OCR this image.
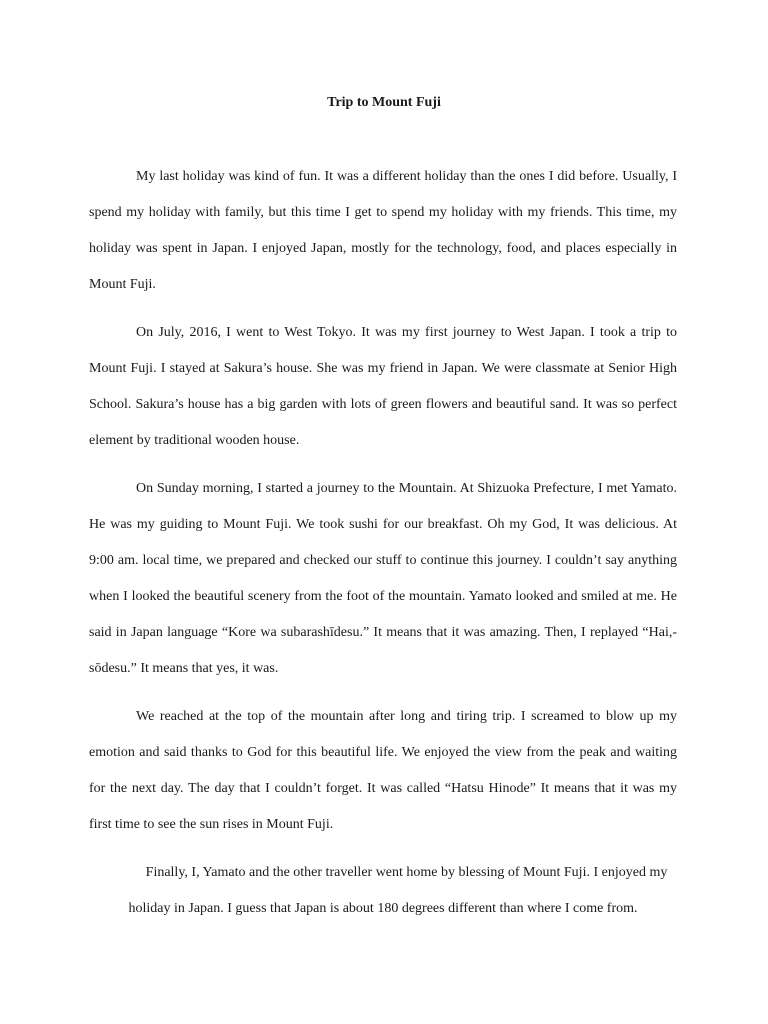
Trip to Mount Fuji

My last holiday was kind of fun. It was a different holiday than the ones I did before. Usually, I spend my holiday with family, but this time I get to spend my holiday with my friends. This time, my holiday was spent in Japan. I enjoyed Japan, mostly for the technology, food, and places especially in Mount Fuji.

On July, 2016, I went to West Tokyo. It was my first journey to West Japan. I took a trip to Mount Fuji. I stayed at Sakura’s house. She was my friend in Japan. We were classmate at Senior High School. Sakura’s house has a big garden with lots of green flowers and beautiful sand. It was so perfect element by traditional wooden house.

On Sunday morning, I started a journey to the Mountain. At Shizuoka Prefecture, I met Yamato. He was my guiding to Mount Fuji. We took sushi for our breakfast. Oh my God, It was delicious. At 9:00 am. local time, we prepared and checked our stuff to continue this journey. I couldn’t say anything when I looked the beautiful scenery from the foot of the mountain. Yamato looked and smiled at me. He said in Japan language “Kore wa subarashīdesu.” It means that it was amazing. Then, I replayed “Hai,-sōdesu.” It means that yes, it was.

We reached at the top of the mountain after long and tiring trip. I screamed to blow up my emotion and said thanks to God for this beautiful life. We enjoyed the view from the peak and waiting for the next day. The day that I couldn’t forget. It was called “Hatsu Hinode” It means that it was my first time to see the sun rises in Mount Fuji.

Finally, I, Yamato and the other traveller went home by blessing of Mount Fuji. I enjoyed my holiday in Japan. I guess that Japan is about 180 degrees different than where I come from.
